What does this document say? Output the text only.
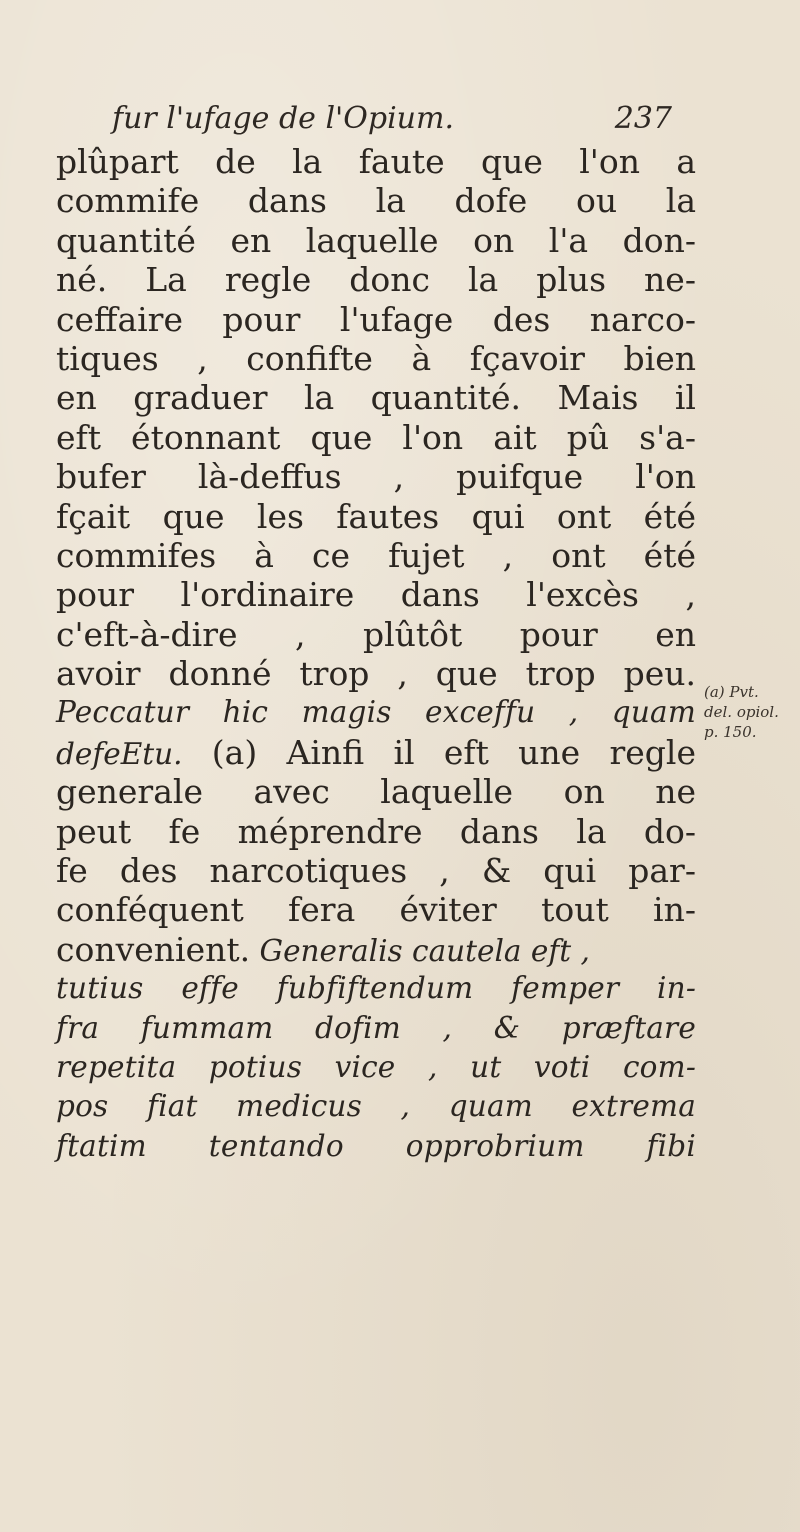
fur l'ufage de l'Opium.	237
plûpart de la faute que l'on a
commife dans la dofe ou la
quantité en laquelle on l'a don-
né. La regle donc la plus ne-
ceffaire pour l'ufage des narco-
tiques , confifte à fçavoir bien
en graduer la quantité. Mais il
eft étonnant que l'on ait pû s'a-
bufer là-deffus , puifque l'on
fçait que les fautes qui ont été
commifes à ce fujet , ont été
pour l'ordinaire dans l'excès ,
c'eft-à-dire , plûtôt pour en
avoir donné trop , que trop peu.
Peccatur hic magis exceffu , quam
defeEtu. (a) Ainfi il eft une regle
generale avec laquelle on ne
peut fe méprendre dans la do-
fe des narcotiques , & qui par-
conféquent fera éviter tout in-
convenient. Generalis cautela eft ,
tutius effe fubfiftendum femper in-
fra fummam dofim , & præftare
repetita potius vice , ut voti com-
pos fiat medicus , quam extrema
ftatim tentando opprobrium fibi
(a) Pvt.
del. opiol.
p. 150.
